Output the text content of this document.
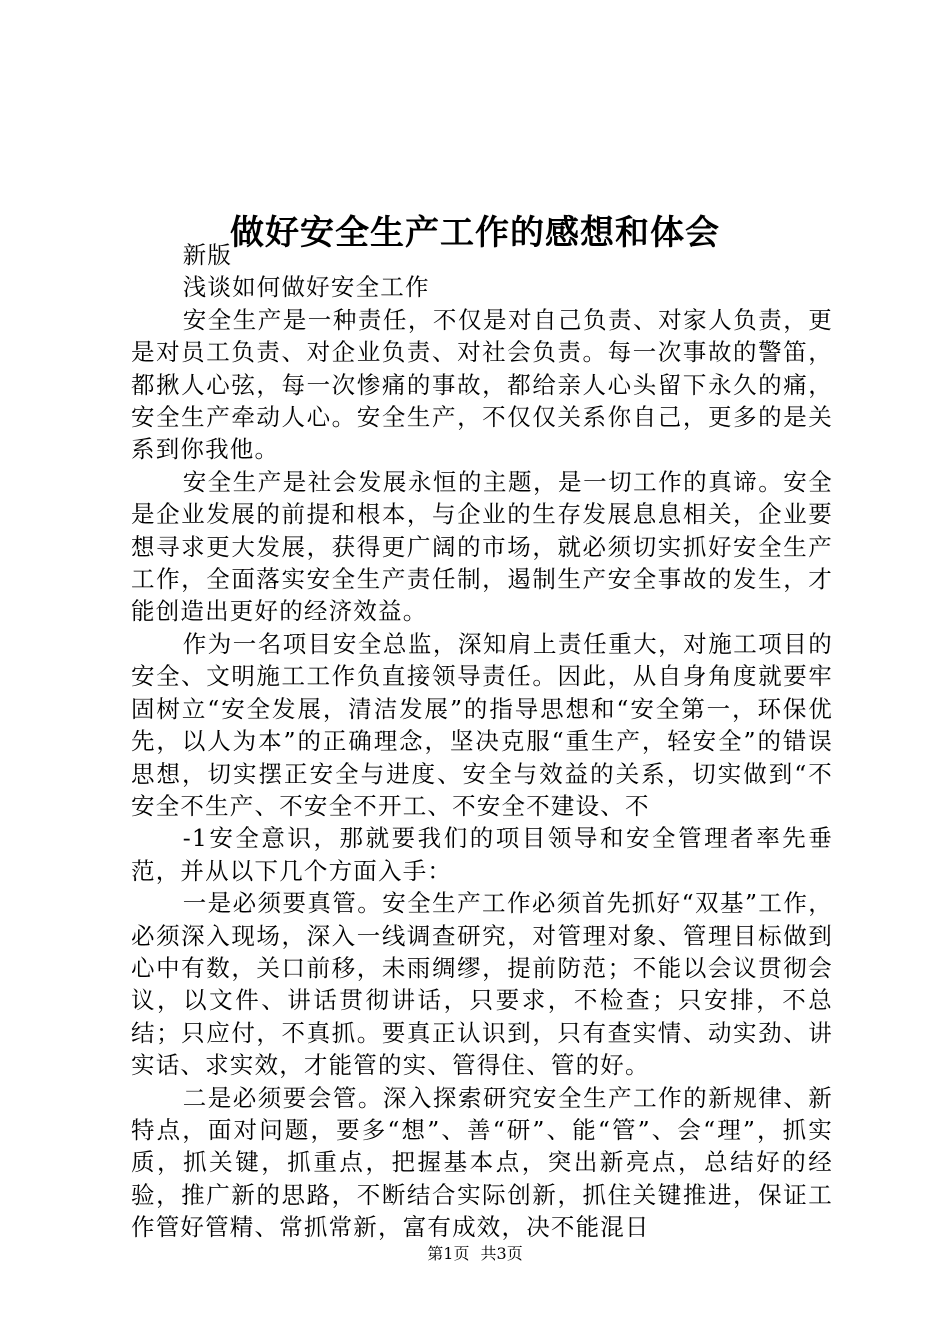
做好安全生产工作的感想和体会

新版

浅谈如何做好安全工作

安全生产是一种责任，不仅是对自己负责、对家人负责，更是对员工负责、对企业负责、对社会负责。每一次事故的警笛，都揪人心弦，每一次惨痛的事故，都给亲人心头留下永久的痛，安全生产牵动人心。安全生产，不仅仅关系你自己，更多的是关系到你我他。

安全生产是社会发展永恒的主题，是一切工作的真谛。安全是企业发展的前提和根本，与企业的生存发展息息相关，企业要想寻求更大发展，获得更广阔的市场，就必须切实抓好安全生产工作，全面落实安全生产责任制，遏制生产安全事故的发生，才能创造出更好的经济效益。

作为一名项目安全总监，深知肩上责任重大，对施工项目的安全、文明施工工作负直接领导责任。因此，从自身角度就要牢固树立“安全发展，清洁发展”的指导思想和“安全第一，环保优先，以人为本”的正确理念，坚决克服“重生产，轻安全”的错误思想，切实摆正安全与进度、安全与效益的关系，切实做到“不安全不生产、不安全不开工、不安全不建设、不

-1安全意识，那就要我们的项目领导和安全管理者率先垂范，并从以下几个方面入手：

一是必须要真管。安全生产工作必须首先抓好“双基”工作，必须深入现场，深入一线调查研究，对管理对象、管理目标做到心中有数，关口前移，未雨绸缪，提前防范；不能以会议贯彻会议，以文件、讲话贯彻讲话，只要求，不检查；只安排，不总结；只应付，不真抓。要真正认识到，只有查实情、动实劲、讲实话、求实效，才能管的实、管得住、管的好。

二是必须要会管。深入探索研究安全生产工作的新规律、新特点，面对问题，要多“想”、善“研”、能“管”、会“理”，抓实质，抓关键，抓重点，把握基本点，突出新亮点，总结好的经验，推广新的思路，不断结合实际创新，抓住关键推进，保证工作管好管精、常抓常新，富有成效，决不能混日

第1页 共3页
